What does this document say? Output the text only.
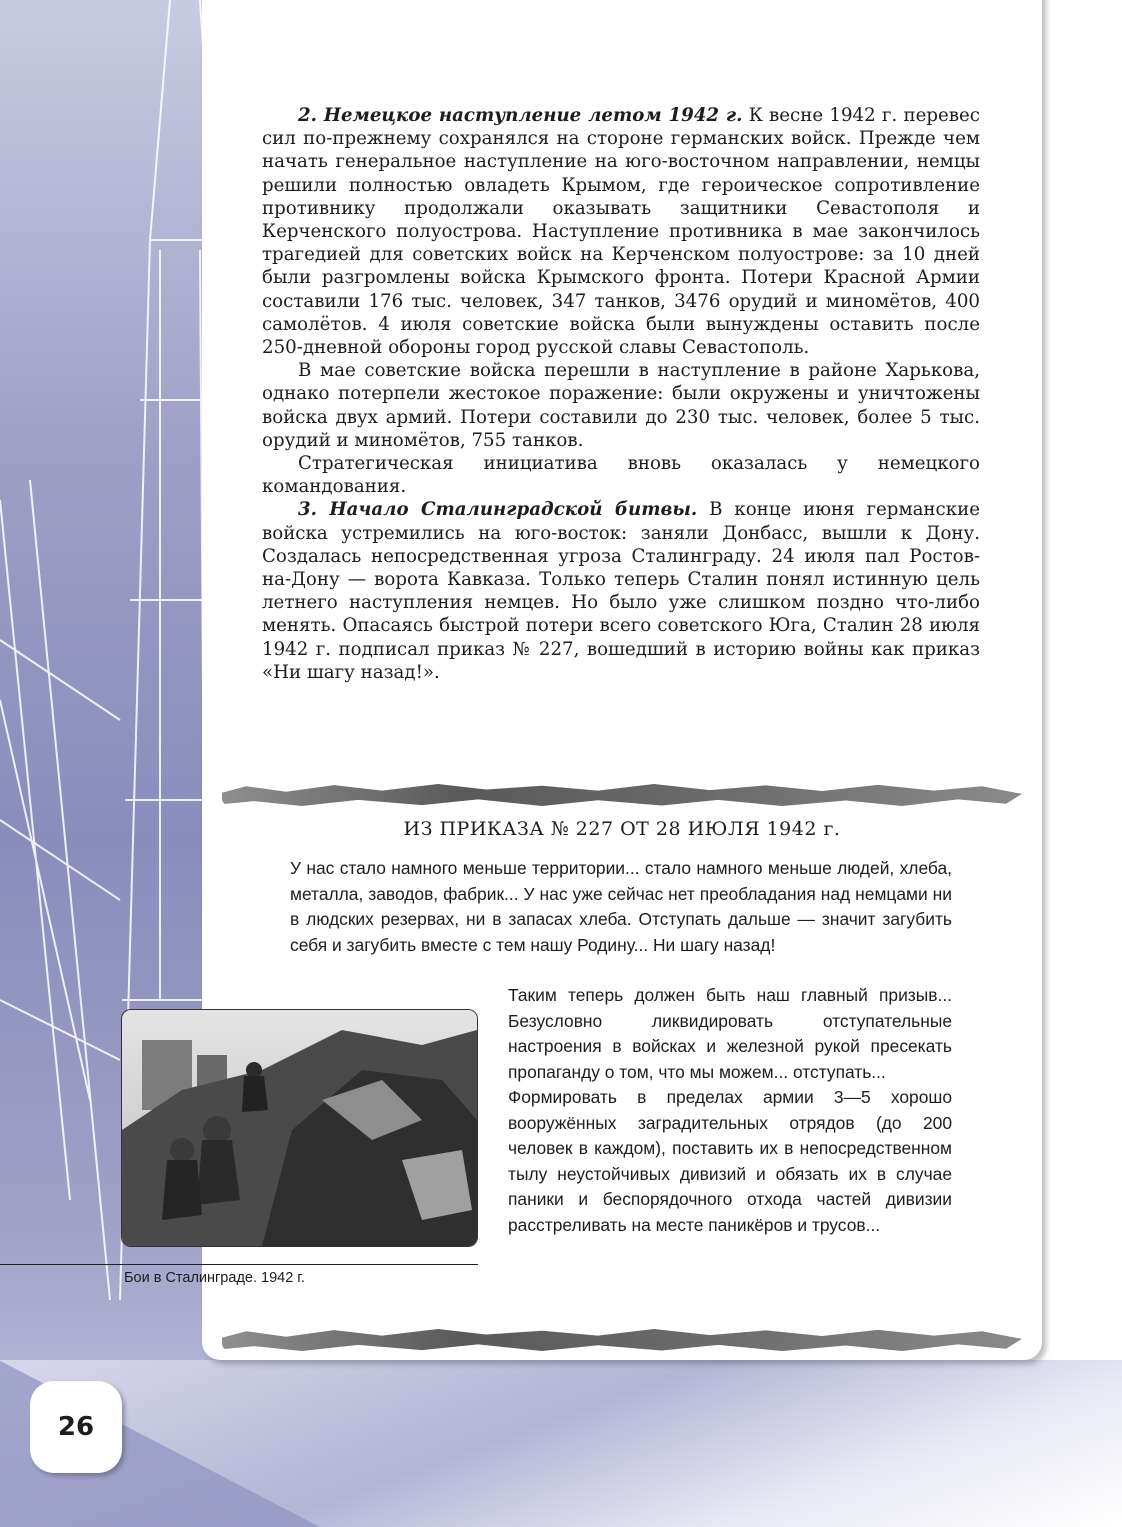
2. Немецкое наступление летом 1942 г. К весне 1942 г. перевес сил по-прежнему сохранялся на стороне германских войск. Прежде чем начать генеральное наступление на юго-восточном направлении, немцы решили полностью овладеть Крымом, где героическое сопротивление противнику продолжали оказывать защитники Севастополя и Керченского полуострова. Наступление противника в мае закончилось трагедией для советских войск на Керченском полуострове: за 10 дней были разгромлены войска Крымского фронта. Потери Красной Армии составили 176 тыс. человек, 347 танков, 3476 орудий и миномётов, 400 самолётов. 4 июля советские войска были вынуждены оставить после 250-дневной обороны город русской славы Севастополь.

В мае советские войска перешли в наступление в районе Харькова, однако потерпели жестокое поражение: были окружены и уничтожены войска двух армий. Потери составили до 230 тыс. человек, более 5 тыс. орудий и миномётов, 755 танков.

Стратегическая инициатива вновь оказалась у немецкого командования.

3. Начало Сталинградской битвы. В конце июня германские войска устремились на юго-восток: заняли Донбасс, вышли к Дону. Создалась непосредственная угроза Сталинграду. 24 июля пал Ростов-на-Дону — ворота Кавказа. Только теперь Сталин понял истинную цель летнего наступления немцев. Но было уже слишком поздно что-либо менять. Опасаясь быстрой потери всего советского Юга, Сталин 28 июля 1942 г. подписал приказ № 227, вошедший в историю войны как приказ «Ни шагу назад!».

ИЗ ПРИКАЗА № 227 ОТ 28 ИЮЛЯ 1942 г.

У нас стало намного меньше территории... стало намного меньше людей, хлеба, металла, заводов, фабрик... У нас уже сейчас нет преобладания над немцами ни в людских резервах, ни в запасах хлеба. Отступать дальше — значит загубить себя и загубить вместе с тем нашу Родину... Ни шагу назад!

Таким теперь должен быть наш главный призыв... Безусловно ликвидировать отступательные настроения в войсках и железной рукой пресекать пропаганду о том, что мы можем... отступать...
Формировать в пределах армии 3—5 хорошо вооружённых заградительных отрядов (до 200 человек в каждом), поставить их в непосредственном тылу неустойчивых дивизий и обязать их в случае паники и беспорядочного отхода частей дивизии расстреливать на месте паникёров и трусов...
Бои в Сталинграде. 1942 г.
26
